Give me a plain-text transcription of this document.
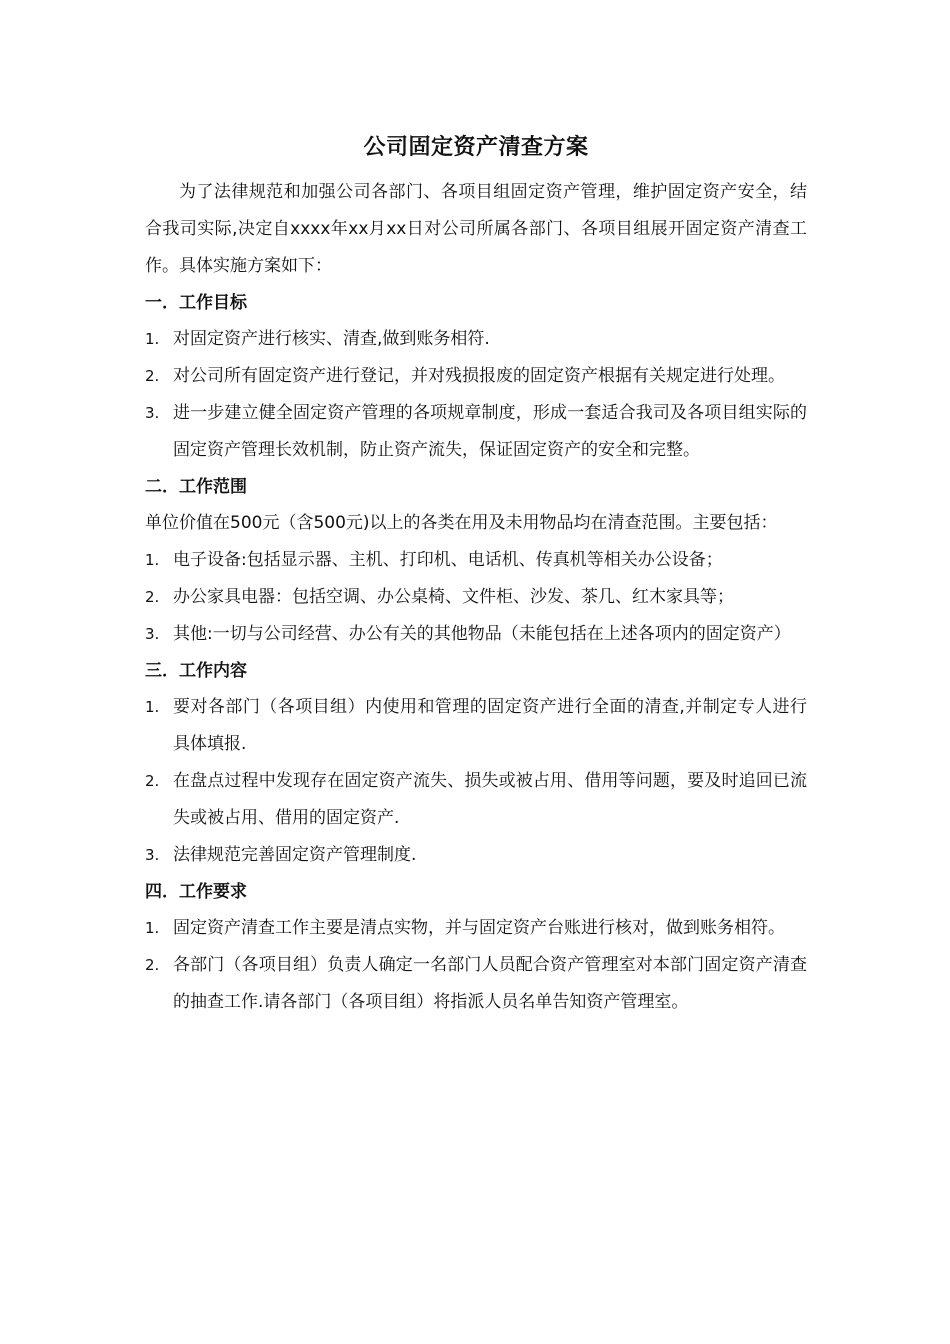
公司固定资产清查方案

为了法律规范和加强公司各部门、各项目组固定资产管理，维护固定资产安全，结合我司实际,决定自xxxx年xx月xx日对公司所属各部门、各项目组展开固定资产清查工作。具体实施方案如下：

一．工作目标
1. 对固定资产进行核实、清查,做到账务相符.
2. 对公司所有固定资产进行登记，并对残损报废的固定资产根据有关规定进行处理。
3. 进一步建立健全固定资产管理的各项规章制度，形成一套适合我司及各项目组实际的固定资产管理长效机制，防止资产流失，保证固定资产的安全和完整。
二．工作范围

单位价值在500元（含500元)以上的各类在用及未用物品均在清查范围。主要包括：

1. 电子设备:包括显示器、主机、打印机、电话机、传真机等相关办公设备；
2. 办公家具电器：包括空调、办公桌椅、文件柜、沙发、茶几、红木家具等；
3. 其他:一切与公司经营、办公有关的其他物品（未能包括在上述各项内的固定资产）
三．工作内容
1. 要对各部门（各项目组）内使用和管理的固定资产进行全面的清查,并制定专人进行具体填报.
2. 在盘点过程中发现存在固定资产流失、损失或被占用、借用等问题，要及时追回已流失或被占用、借用的固定资产.
3. 法律规范完善固定资产管理制度.
四．工作要求
1. 固定资产清查工作主要是清点实物，并与固定资产台账进行核对，做到账务相符。
2. 各部门（各项目组）负责人确定一名部门人员配合资产管理室对本部门固定资产清查的抽查工作.请各部门（各项目组）将指派人员名单告知资产管理室。
